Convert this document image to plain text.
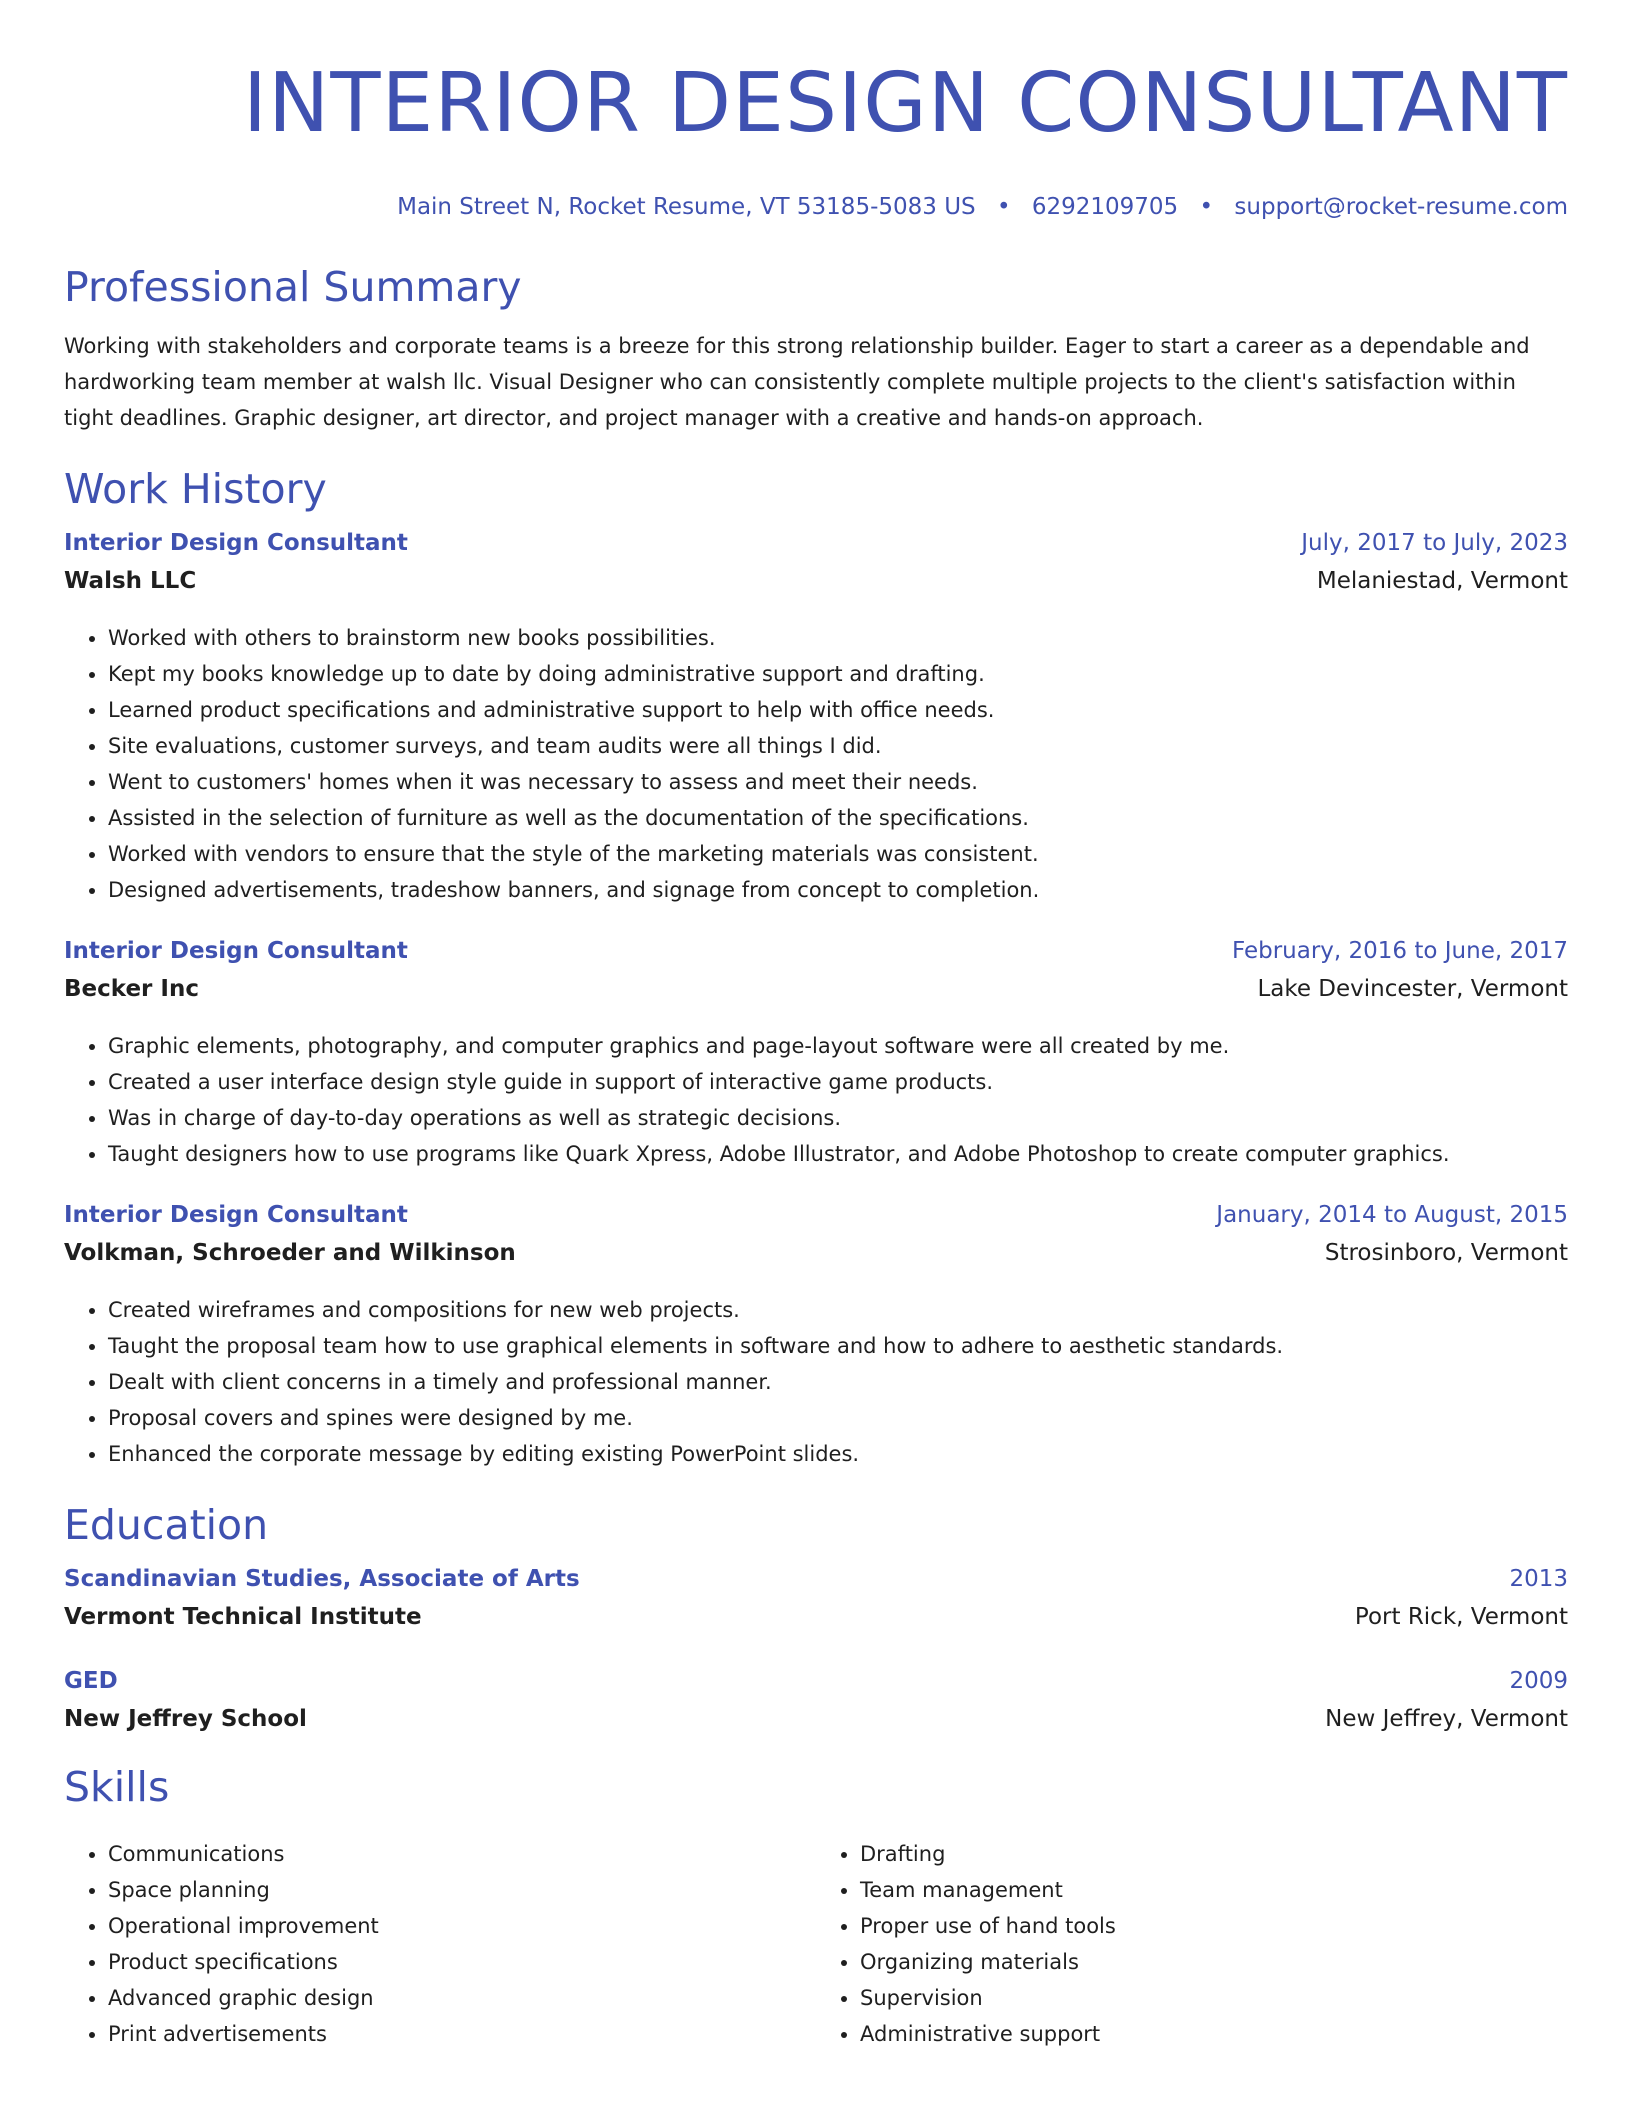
INTERIOR DESIGN CONSULTANT
Main Street N, Rocket Resume, VT 53185-5083 US • 6292109705 • support@rocket-resume.com
Professional Summary

Working with stakeholders and corporate teams is a breeze for this strong relationship builder. Eager to start a career as a dependable and hardworking team member at walsh llc. Visual Designer who can consistently complete multiple projects to the client's satisfaction within tight deadlines. Graphic designer, art director, and project manager with a creative and hands-on approach.

Work History
Interior Design Consultant	July, 2017 to July, 2023
Walsh LLC	Melaniestad, Vermont
• Worked with others to brainstorm new books possibilities.
• Kept my books knowledge up to date by doing administrative support and drafting.
• Learned product specifications and administrative support to help with office needs.
• Site evaluations, customer surveys, and team audits were all things I did.
• Went to customers' homes when it was necessary to assess and meet their needs.
• Assisted in the selection of furniture as well as the documentation of the specifications.
• Worked with vendors to ensure that the style of the marketing materials was consistent.
• Designed advertisements, tradeshow banners, and signage from concept to completion.
Interior Design Consultant	February, 2016 to June, 2017
Becker Inc	Lake Devincester, Vermont
• Graphic elements, photography, and computer graphics and page-layout software were all created by me.
• Created a user interface design style guide in support of interactive game products.
• Was in charge of day-to-day operations as well as strategic decisions.
• Taught designers how to use programs like Quark Xpress, Adobe Illustrator, and Adobe Photoshop to create computer graphics.
Interior Design Consultant	January, 2014 to August, 2015
Volkman, Schroeder and Wilkinson	Strosinboro, Vermont
• Created wireframes and compositions for new web projects.
• Taught the proposal team how to use graphical elements in software and how to adhere to aesthetic standards.
• Dealt with client concerns in a timely and professional manner.
• Proposal covers and spines were designed by me.
• Enhanced the corporate message by editing existing PowerPoint slides.
Education
Scandinavian Studies, Associate of Arts	2013
Vermont Technical Institute	Port Rick, Vermont
GED	2009
New Jeffrey School	New Jeffrey, Vermont
Skills
• Communications
• Space planning
• Operational improvement
• Product specifications
• Advanced graphic design
• Print advertisements
• Drafting
• Team management
• Proper use of hand tools
• Organizing materials
• Supervision
• Administrative support
